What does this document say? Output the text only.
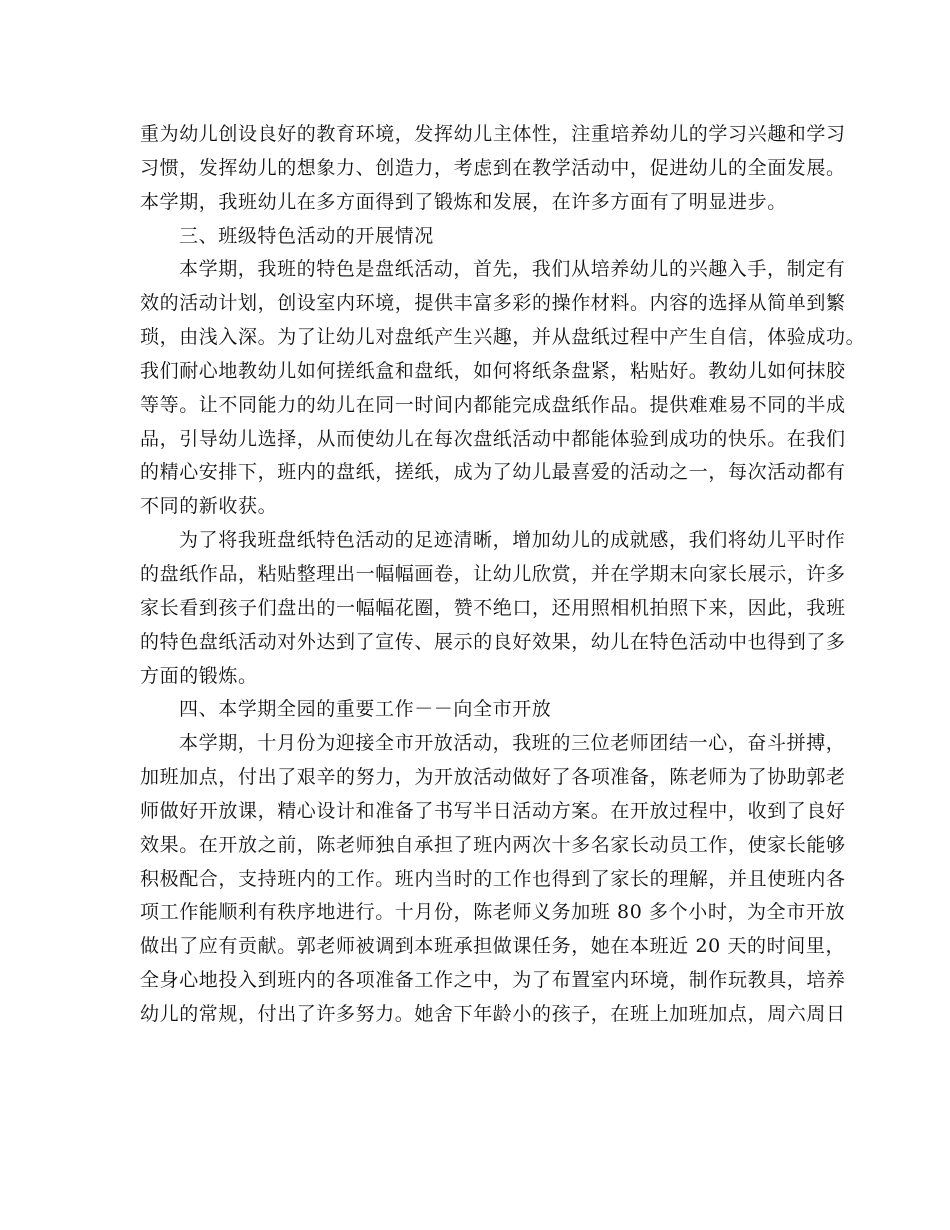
重为幼儿创设良好的教育环境，发挥幼儿主体性，注重培养幼儿的学习兴趣和学习
习惯，发挥幼儿的想象力、创造力，考虑到在教学活动中，促进幼儿的全面发展。
本学期，我班幼儿在多方面得到了锻炼和发展，在许多方面有了明显进步。
三、班级特色活动的开展情况
本学期，我班的特色是盘纸活动，首先，我们从培养幼儿的兴趣入手，制定有
效的活动计划，创设室内环境，提供丰富多彩的操作材料。内容的选择从简单到繁
琐，由浅入深。为了让幼儿对盘纸产生兴趣，并从盘纸过程中产生自信，体验成功。
我们耐心地教幼儿如何搓纸盒和盘纸，如何将纸条盘紧，粘贴好。教幼儿如何抹胶
等等。让不同能力的幼儿在同一时间内都能完成盘纸作品。提供难难易不同的半成
品，引导幼儿选择，从而使幼儿在每次盘纸活动中都能体验到成功的快乐。在我们
的精心安排下，班内的盘纸，搓纸，成为了幼儿最喜爱的活动之一，每次活动都有
不同的新收获。
为了将我班盘纸特色活动的足迹清晰，增加幼儿的成就感，我们将幼儿平时作
的盘纸作品，粘贴整理出一幅幅画卷，让幼儿欣赏，并在学期末向家长展示，许多
家长看到孩子们盘出的一幅幅花圈，赞不绝口，还用照相机拍照下来，因此，我班
的特色盘纸活动对外达到了宣传、展示的良好效果，幼儿在特色活动中也得到了多
方面的锻炼。
四、本学期全园的重要工作－－向全市开放
本学期，十月份为迎接全市开放活动，我班的三位老师团结一心，奋斗拼搏，
加班加点，付出了艰辛的努力，为开放活动做好了各项准备，陈老师为了协助郭老
师做好开放课，精心设计和准备了书写半日活动方案。在开放过程中，收到了良好
效果。在开放之前，陈老师独自承担了班内两次十多名家长动员工作，使家长能够
积极配合，支持班内的工作。班内当时的工作也得到了家长的理解，并且使班内各
项工作能顺利有秩序地进行。十月份，陈老师义务加班 80 多个小时，为全市开放
做出了应有贡献。郭老师被调到本班承担做课任务，她在本班近 20 天的时间里，
全身心地投入到班内的各项准备工作之中，为了布置室内环境，制作玩教具，培养
幼儿的常规，付出了许多努力。她舍下年龄小的孩子，在班上加班加点，周六周日
